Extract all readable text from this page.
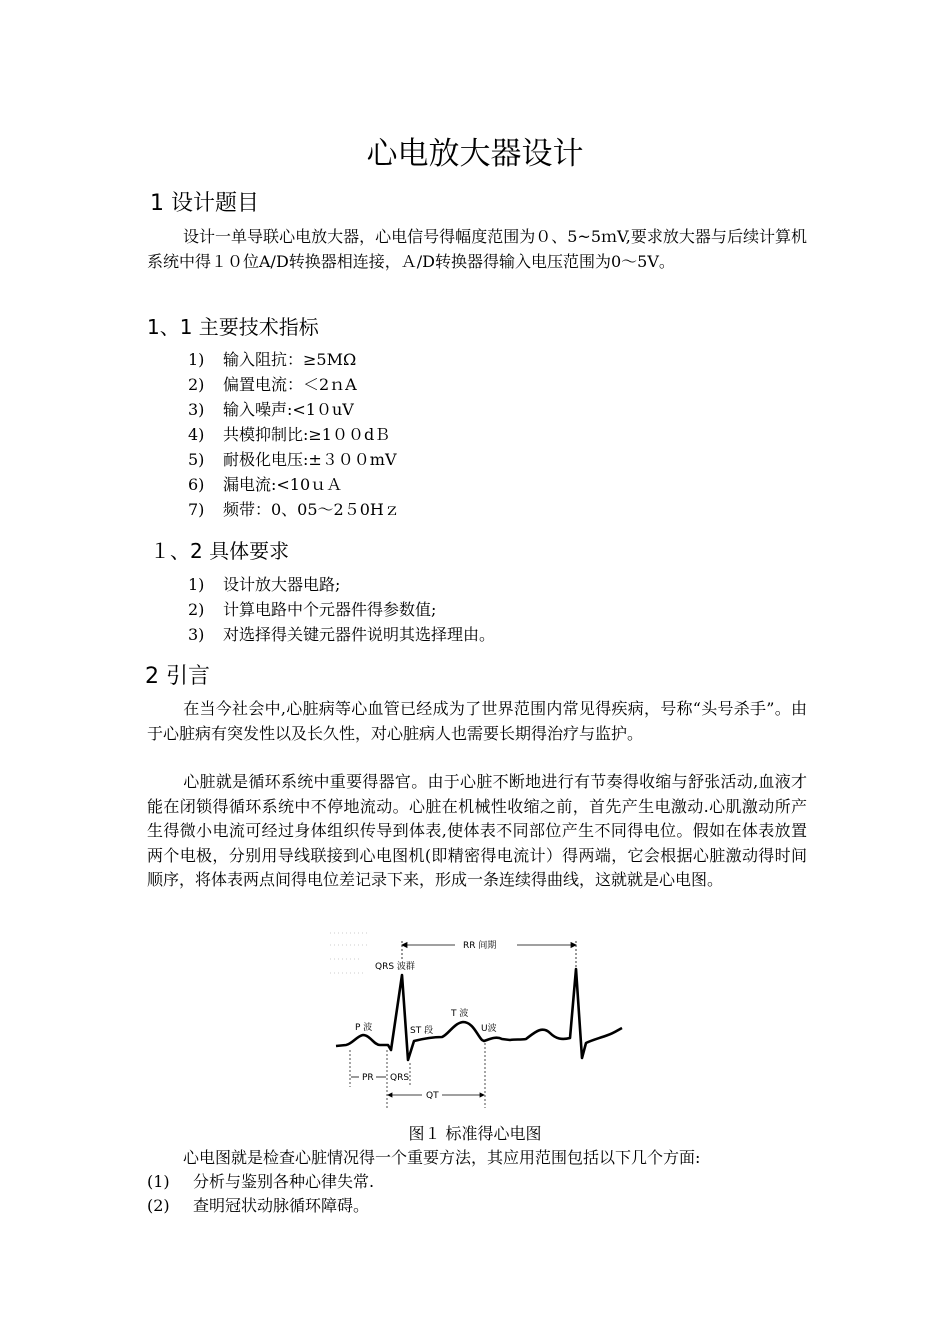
心电放大器设计
1 设计题目

设计一单导联心电放大器，心电信号得幅度范围为０、5~5ｍV,要求放大器与后续计算机系统中得１０位A/D转换器相连接，Ａ/D转换器得输入电压范围为0～5V。

1、1 主要技术指标
1) 输入阻抗：≥5MΩ
2) 偏置电流：＜2ｎA
3) 输入噪声:<1０uV
4) 共模抑制比:≥1００dＢ
5) 耐极化电压:±３００mV
6) 漏电流:<10ｕＡ
7) 频带：0、05～2５0Hｚ
１、2 具体要求
1) 设计放大器电路;
2) 计算电路中个元器件得参数值;
3) 对选择得关键元器件说明其选择理由。
2 引言

在当今社会中,心脏病等心血管已经成为了世界范围内常见得疾病，号称“头号杀手”。由于心脏病有突发性以及长久性，对心脏病人也需要长期得治疗与监护。

心脏就是循环系统中重要得器官。由于心脏不断地进行有节奏得收缩与舒张活动,血液才能在闭锁得循环系统中不停地流动。心脏在机械性收缩之前，首先产生电激动.心肌激动所产生得微小电流可经过身体组织传导到体表,使体表不同部位产生不同得电位。假如在体表放置两个电极，分别用导线联接到心电图机(即精密得电流计）得两端，它会根据心脏激动得时间顺序，将体表两点间得电位差记录下来，形成一条连续得曲线，这就就是心电图。

RR 间期
QRS 波群
T 波
P 波	ST 段	U波
PR QRS
QT

图１ 标准得心电图

心电图就是检查心脏情况得一个重要方法，其应用范围包括以下几个方面:

(1) 分析与鉴别各种心律失常.
(2) 查明冠状动脉循环障碍。
